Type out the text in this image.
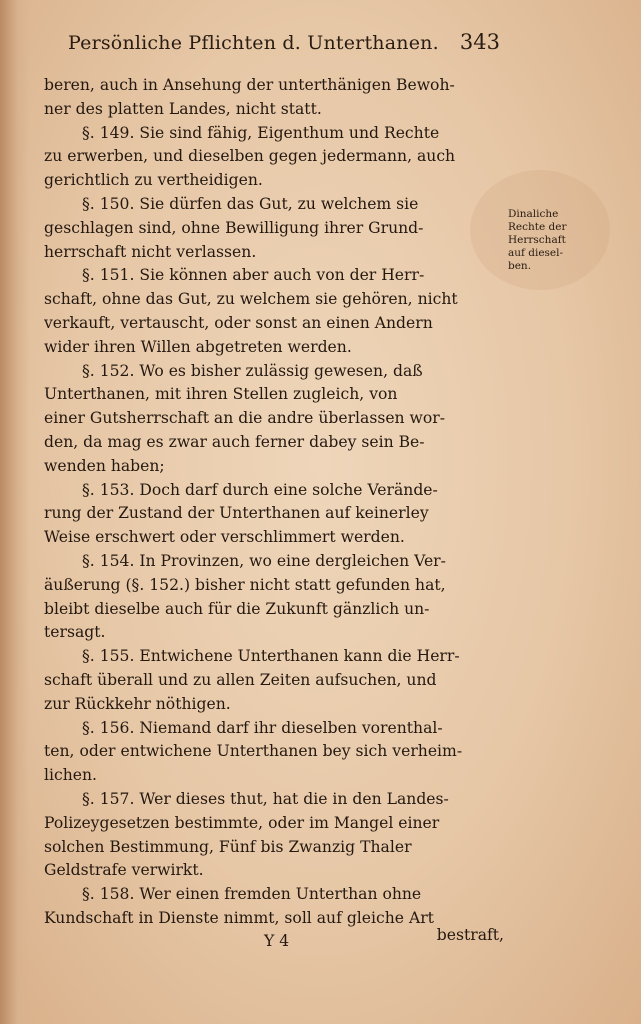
Persönliche Pflichten d. Unterthanen. 343
beren, auch in Ansehung der unterthänigen Bewoh-
ner des platten Landes, nicht statt.
§. 149. Sie sind fähig, Eigenthum und Rechte
zu erwerben, und dieselben gegen jedermann, auch
gerichtlich zu vertheidigen.
§. 150. Sie dürfen das Gut, zu welchem sie
geschlagen sind, ohne Bewilligung ihrer Grund-
herrschaft nicht verlassen.
§. 151. Sie können aber auch von der Herr-
schaft, ohne das Gut, zu welchem sie gehören, nicht
verkauft, vertauscht, oder sonst an einen Andern
wider ihren Willen abgetreten werden.
§. 152. Wo es bisher zulässig gewesen, daß
Unterthanen, mit ihren Stellen zugleich, von
einer Gutsherrschaft an die andre überlassen wor-
den, da mag es zwar auch ferner dabey sein Be-
wenden haben;
§. 153. Doch darf durch eine solche Verände-
rung der Zustand der Unterthanen auf keinerley
Weise erschwert oder verschlimmert werden.
§. 154. In Provinzen, wo eine dergleichen Ver-
äußerung (§. 152.) bisher nicht statt gefunden hat,
bleibt dieselbe auch für die Zukunft gänzlich un-
tersagt.
§. 155. Entwichene Unterthanen kann die Herr-
schaft überall und zu allen Zeiten aufsuchen, und
zur Rückkehr nöthigen.
§. 156. Niemand darf ihr dieselben vorenthal-
ten, oder entwichene Unterthanen bey sich verheim-
lichen.
§. 157. Wer dieses thut, hat die in den Landes-
Polizeygesetzen bestimmte, oder im Mangel einer
solchen Bestimmung, Fünf bis Zwanzig Thaler
Geldstrafe verwirkt.
§. 158. Wer einen fremden Unterthan ohne
Kundschaft in Dienste nimmt, soll auf gleiche Art
Dinaliche
Rechte der
Herrschaft
auf diesel-
ben.
Y 4	bestraft,
